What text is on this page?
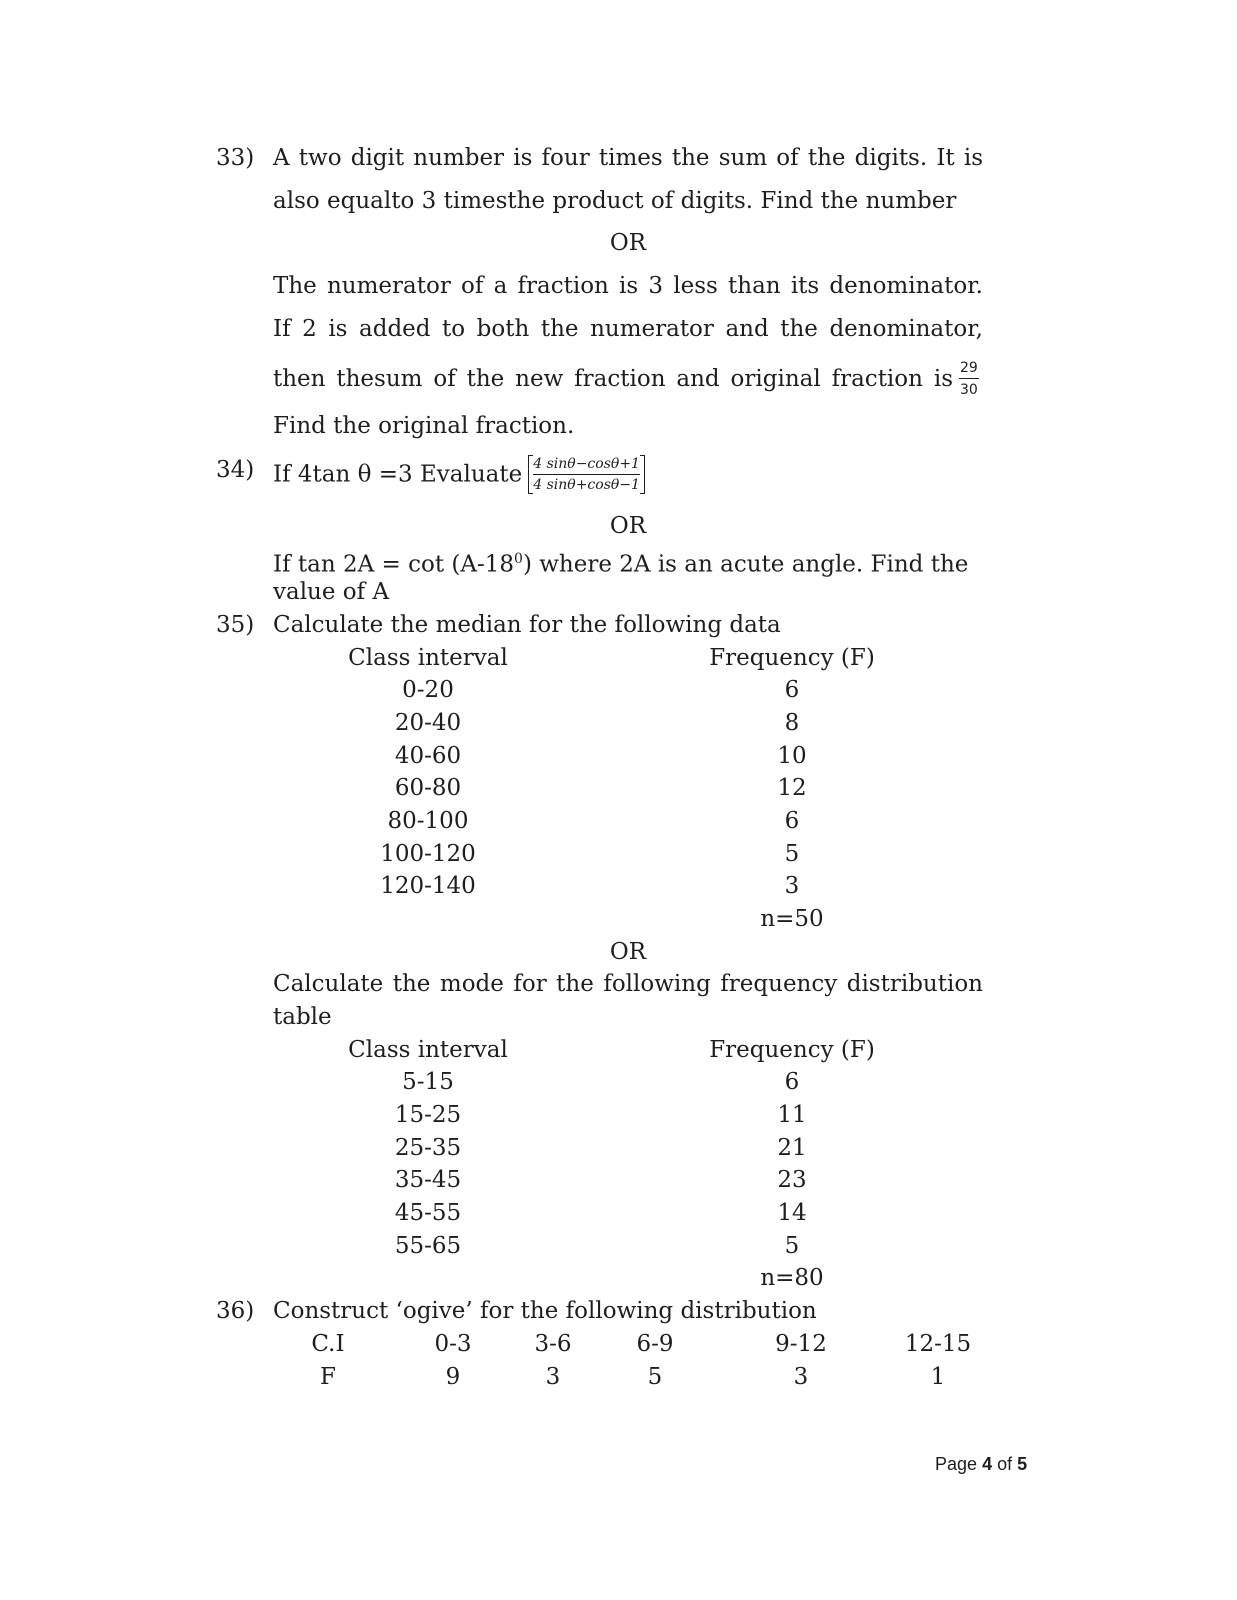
33) A two digit number is four times the sum of the digits. It is
also equalto 3 timesthe product of digits. Find the number
OR
The numerator of a fraction is 3 less than its denominator.
If 2 is added to both the numerator and the denominator,
then thesum of the new fraction and original fraction is $\frac{29}{30}$
Find the original fraction.
34) If 4tan θ =3 Evaluate $\frac{4 \sin\theta-\cos\theta+1}{4 \sin\theta+\cos\theta-1}$
OR
If $\tan 2A = \cot (A-18^0)$ where 2A is an acute angle. Find the
value of A
35) Calculate the median for the following data
Class interval	Frequency (F)
0-20	6
20-40	8
40-60	10
60-80	12
80-100	6
100-120	5
120-140	3
n=50
OR
Calculate the mode for the following frequency distribution
table
Class interval	Frequency (F)
5-15	6
15-25	11
25-35	21
35-45	23
45-55	14
55-65	5
n=80
36) Construct ‘ogive’ for the following distribution
C.I	0-3	3-6	6-9	9-12	12-15
F	9	3	5	3	1
Page 4 of 5
